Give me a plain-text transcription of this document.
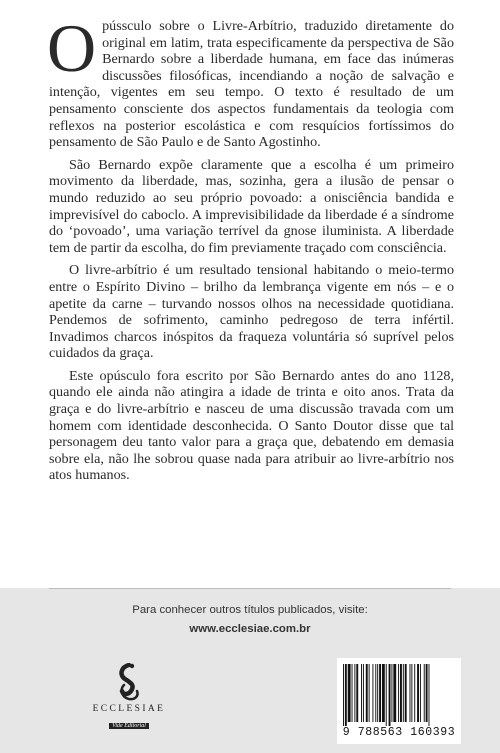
Opússculo sobre o Livre-Arbítrio, traduzido diretamente do original em latim, trata especificamente da perspectiva de São Bernardo sobre a liberdade humana, em face das inúmeras discussões filosóficas, incendiando a noção de salvação e intenção, vigentes em seu tempo. O texto é resultado de um pensamento consciente dos aspectos fundamentais da teologia com reflexos na posterior escolástica e com resquícios fortíssimos do pensamento de São Paulo e de Santo Agostinho.

São Bernardo expõe claramente que a escolha é um primeiro movimento da liberdade, mas, sozinha, gera a ilusão de pensar o mundo reduzido ao seu próprio povoado: a onisciência bandida e imprevisível do caboclo. A imprevisibilidade da liberdade é a síndrome do ‘povoado’, uma variação terrível da gnose iluminista. A liberdade tem de partir da escolha, do fim previamente traçado com consciência.

O livre-arbítrio é um resultado tensional habitando o meio-termo entre o Espírito Divino – brilho da lembrança vigente em nós – e o apetite da carne – turvando nossos olhos na necessidade quotidiana. Pendemos de sofrimento, caminho pedregoso de terra infértil. Invadimos charcos inóspitos da fraqueza voluntária só suprível pelos cuidados da graça.

Este opúsculo fora escrito por São Bernardo antes do ano 1128, quando ele ainda não atingira a idade de trinta e oito anos. Trata da graça e do livre-arbítrio e nasceu de uma discussão travada com um homem com identidade desconhecida. O Santo Doutor disse que tal personagem deu tanto valor para a graça que, debatendo em demasia sobre ela, não lhe sobrou quase nada para atribuir ao livre-arbítrio nos atos humanos.

Para conhecer outros títulos publicados, visite:
www.ecclesiae.com.br
ECCLESIAE
Vide Editorial	9 788563 160393
